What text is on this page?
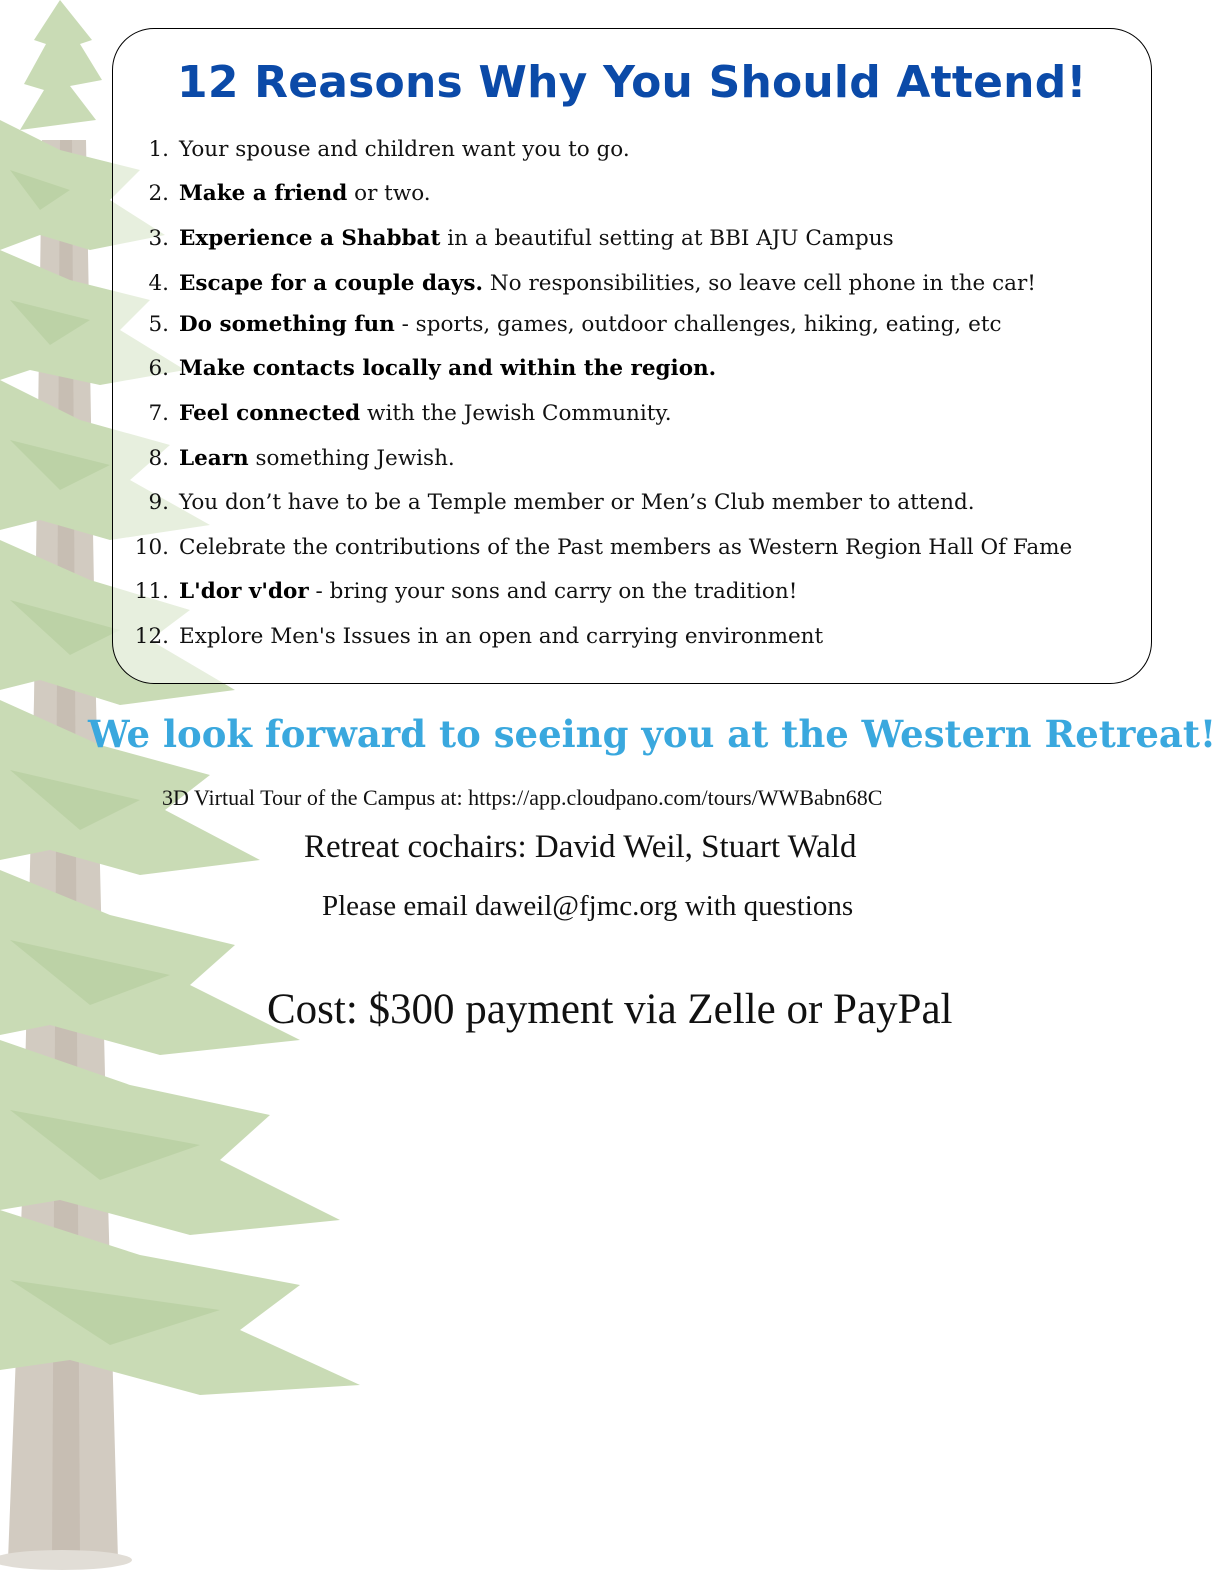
12 Reasons Why You Should Attend!
1. Your spouse and children want you to go.
2. Make a friend or two.
3. Experience a Shabbat in a beautiful setting at BBI AJU Campus
4. Escape for a couple days. No responsibilities, so leave cell phone in the car!
5. Do something fun - sports, games, outdoor challenges, hiking, eating, etc
6. Make contacts locally and within the region.
7. Feel connected with the Jewish Community.
8. Learn something Jewish.
9. You don’t have to be a Temple member or Men’s Club member to attend.
10. Celebrate the contributions of the Past members as Western Region Hall Of Fame
11. L'dor v'dor - bring your sons and carry on the tradition!
12. Explore Men's Issues in an open and carrying environment

We look forward to seeing you at the Western Retreat!

3D Virtual Tour of the Campus at: https://app.cloudpano.com/tours/WWBabn68C
Retreat cochairs: David Weil, Stuart Wald
Please email daweil@fjmc.org with questions
Cost: $300 payment via Zelle or PayPal
